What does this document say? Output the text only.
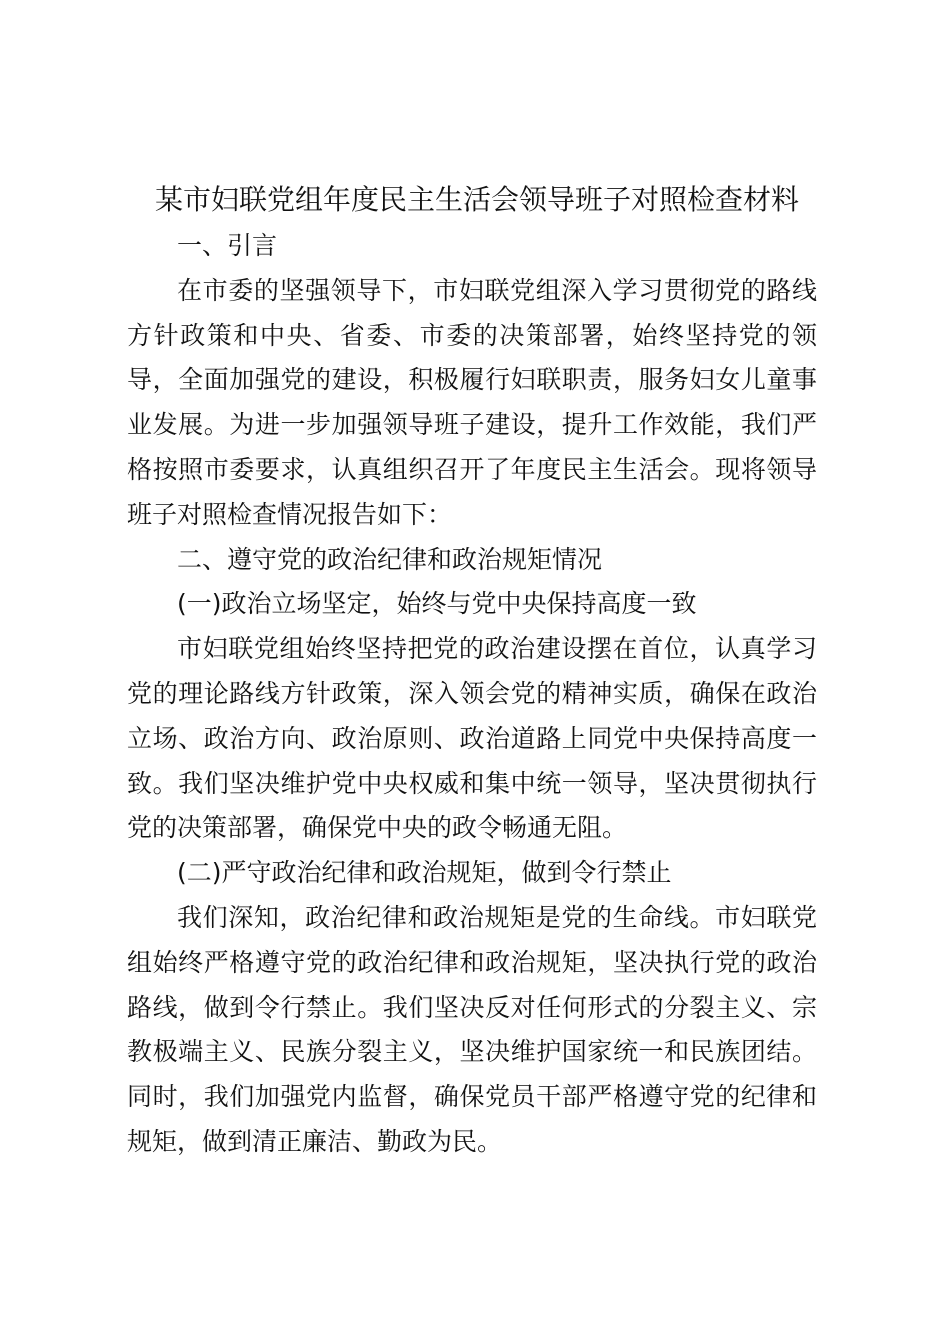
某市妇联党组年度民主生活会领导班子对照检查材料

一、引言

在市委的坚强领导下，市妇联党组深入学习贯彻党的路线方针政策和中央、省委、市委的决策部署，始终坚持党的领导，全面加强党的建设，积极履行妇联职责，服务妇女儿童事业发展。为进一步加强领导班子建设，提升工作效能，我们严格按照市委要求，认真组织召开了年度民主生活会。现将领导班子对照检查情况报告如下：

二、遵守党的政治纪律和政治规矩情况

(一)政治立场坚定，始终与党中央保持高度一致

市妇联党组始终坚持把党的政治建设摆在首位，认真学习党的理论路线方针政策，深入领会党的精神实质，确保在政治立场、政治方向、政治原则、政治道路上同党中央保持高度一致。我们坚决维护党中央权威和集中统一领导，坚决贯彻执行党的决策部署，确保党中央的政令畅通无阻。

(二)严守政治纪律和政治规矩，做到令行禁止

我们深知，政治纪律和政治规矩是党的生命线。市妇联党组始终严格遵守党的政治纪律和政治规矩，坚决执行党的政治路线，做到令行禁止。我们坚决反对任何形式的分裂主义、宗教极端主义、民族分裂主义，坚决维护国家统一和民族团结。同时，我们加强党内监督，确保党员干部严格遵守党的纪律和规矩，做到清正廉洁、勤政为民。
